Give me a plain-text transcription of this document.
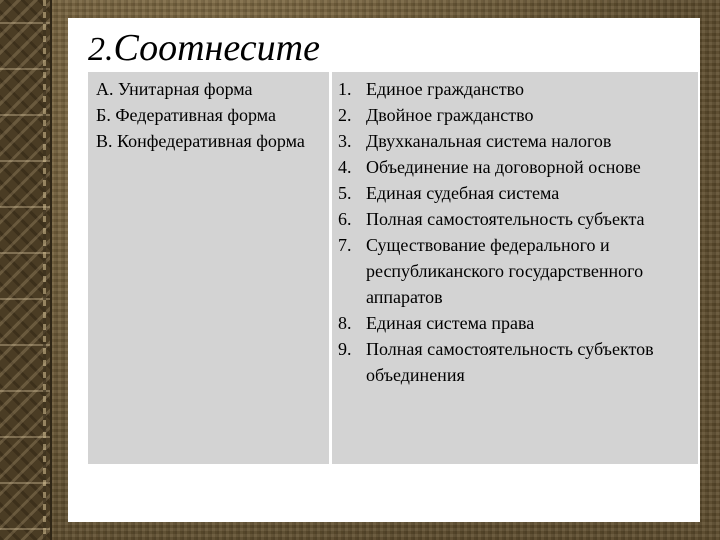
2.Соотнесите
А. Унитарная форма
Б. Федеративная форма
В. Конфедеративная форма
1. Единое гражданство
2. Двойное гражданство
3. Двухканальная система налогов
4. Объединение на договорной основе
5. Единая судебная система
6. Полная самостоятельность субъекта
7. Существование федерального и республиканского государственного аппаратов
8. Единая система права
9. Полная самостоятельность субъектов объединения
